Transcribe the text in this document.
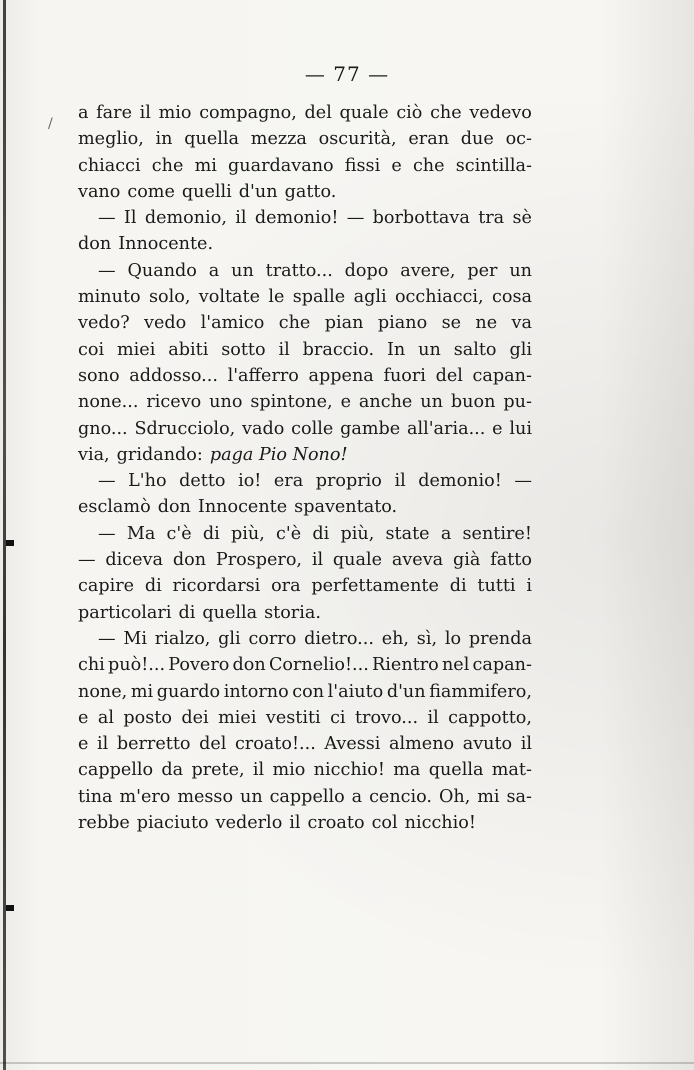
— 77 —
/
a fare il mio compagno, del quale ciò che vedevo
meglio, in quella mezza oscurità, eran due oc-
chiacci che mi guardavano fissi e che scintilla-
vano come quelli d'un gatto.
— Il demonio, il demonio! — borbottava tra sè
don Innocente.
— Quando a un tratto... dopo avere, per un
minuto solo, voltate le spalle agli occhiacci, cosa
vedo? vedo l'amico che pian piano se ne va
coi miei abiti sotto il braccio. In un salto gli
sono addosso... l'afferro appena fuori del capan-
none... ricevo uno spintone, e anche un buon pu-
gno... Sdrucciolo, vado colle gambe all'aria... e lui
via, gridando: paga Pio Nono!
— L'ho detto io! era proprio il demonio! —
esclamò don Innocente spaventato.
— Ma c'è di più, c'è di più, state a sentire!
— diceva don Prospero, il quale aveva già fatto
capire di ricordarsi ora perfettamente di tutti i
particolari di quella storia.
— Mi rialzo, gli corro dietro... eh, sì, lo prenda
chi può!... Povero don Cornelio!... Rientro nel capan-
none, mi guardo intorno con l'aiuto d'un fiammifero,
e al posto dei miei vestiti ci trovo... il cappotto,
e il berretto del croato!... Avessi almeno avuto il
cappello da prete, il mio nicchio! ma quella mat-
tina m'ero messo un cappello a cencio. Oh, mi sa-
rebbe piaciuto vederlo il croato col nicchio!
